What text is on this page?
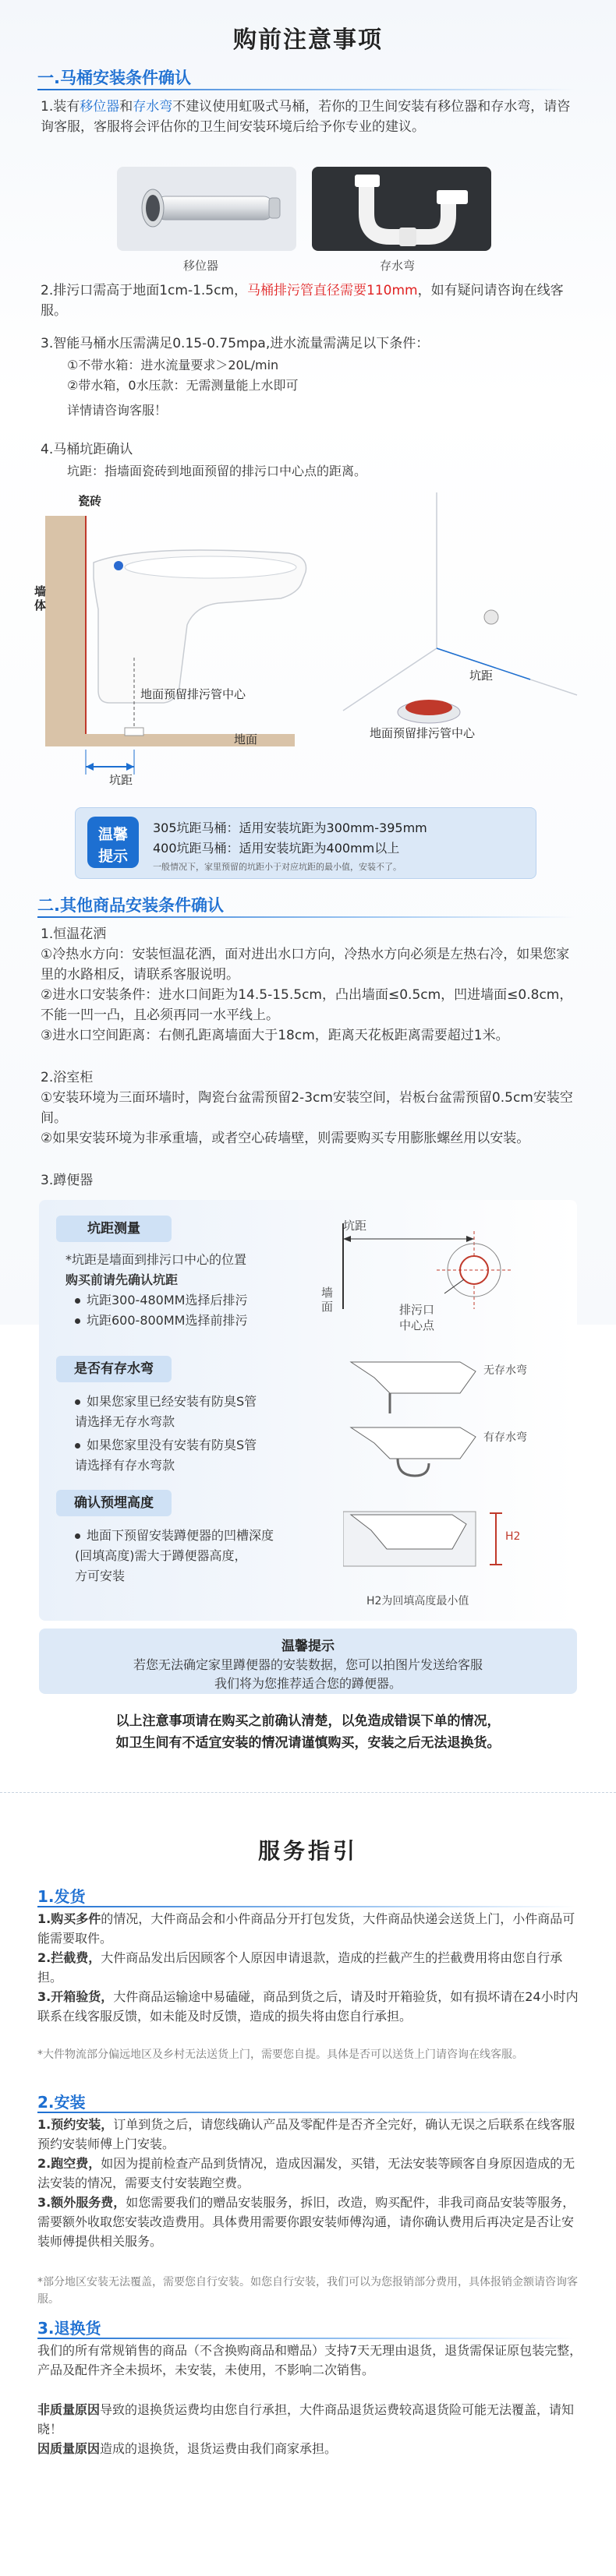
购前注意事项
一.马桶安装条件确认
1.装有移位器和存水弯不建议使用虹吸式马桶，若你的卫生间安装有移位器和存水弯，请咨询客服，客服将会评估你的卫生间安装环境后给予你专业的建议。
移位器	存水弯
2.排污口需高于地面1cm-1.5cm，马桶排污管直径需要110mm，如有疑问请咨询在线客服。
3.智能马桶水压需满足0.15-0.75mpa,进水流量需满足以下条件：
①不带水箱：进水流量要求＞20L/min
②带水箱，0水压款：无需测量能上水即可
详情请咨询客服！
4.马桶坑距确认
坑距：指墙面瓷砖到地面预留的排污口中心点的距离。
瓷砖
墙体
地面预留排污管中心
地面
坑距
坑距
地面预留排污管中心
温馨
提示
305坑距马桶：适用安装坑距为300mm-395mm
400坑距马桶：适用安装坑距为400mm以上
一般情况下，家里预留的坑距小于对应坑距的最小值，安装不了。
二.其他商品安装条件确认
1.恒温花洒
①冷热水方向：安装恒温花洒，面对进出水口方向，冷热水方向必须是左热右冷，如果您家里的水路相反，请联系客服说明。
②进水口安装条件：进水口间距为14.5-15.5cm，凸出墙面≤0.5cm，凹进墙面≤0.8cm，不能一凹一凸，且必须再同一水平线上。
③进水口空间距离：右侧孔距离墙面大于18cm，距离天花板距离需要超过1米。
2.浴室柜
①安装环境为三面环墙时，陶瓷台盆需预留2-3cm安装空间，岩板台盆需预留0.5cm安装空间。
②如果安装环境为非承重墙，或者空心砖墙壁，则需要购买专用膨胀螺丝用以安装。
3.蹲便器
坑距测量
*坑距是墙面到排污口中心的位置
购买前请先确认坑距
坑距300-480MM选择后排污
坑距600-800MM选择前排污
坑距
墙面	排污口
中心点
是否有存水弯
如果您家里已经安装有防臭S管
请选择无存水弯款
如果您家里没有安装有防臭S管
请选择有存水弯款
无存水弯
有存水弯
确认预埋高度
地面下预留安装蹲便器的凹槽深度
(回填高度)需大于蹲便器高度，
方可安装
H2
H2为回填高度最小值
温馨提示
若您无法确定家里蹲便器的安装数据，您可以拍图片发送给客服
我们将为您推荐适合您的蹲便器。
以上注意事项请在购买之前确认清楚，以免造成错误下单的情况，
如卫生间有不适宜安装的情况请谨慎购买，安装之后无法退换货。
服务指引
1.发货
1.购买多件的情况，大件商品会和小件商品分开打包发货，大件商品快递会送货上门，小件商品可能需要取件。
2.拦截费，大件商品发出后因顾客个人原因申请退款，造成的拦截产生的拦截费用将由您自行承担。
3.开箱验货，大件商品运输途中易磕碰，商品到货之后，请及时开箱验货，如有损坏请在24小时内联系在线客服反馈，如未能及时反馈，造成的损失将由您自行承担。
*大件物流部分偏远地区及乡村无法送货上门，需要您自提。具体是否可以送货上门请咨询在线客服。
2.安装
1.预约安装，订单到货之后，请您线确认产品及零配件是否齐全完好，确认无误之后联系在线客服预约安装师傅上门安装。
2.跑空费，如因为提前检查产品到货情况，造成因漏发，买错，无法安装等顾客自身原因造成的无法安装的情况，需要支付安装跑空费。
3.额外服务费，如您需要我们的赠品安装服务，拆旧，改造，购买配件，非我司商品安装等服务，需要额外收取您安装改造费用。具体费用需要你跟安装师傅沟通，请你确认费用后再决定是否让安装师傅提供相关服务。
*部分地区安装无法覆盖，需要您自行安装。如您自行安装，我们可以为您报销部分费用，具体报销金额请咨询客服。
3.退换货
我们的所有常规销售的商品（不含换购商品和赠品）支持7天无理由退货，退货需保证原包装完整，产品及配件齐全未损坏，未安装，未使用，不影响二次销售。
非质量原因导致的退换货运费均由您自行承担，大件商品退货运费较高退货险可能无法覆盖，请知晓！
因质量原因造成的退换货，退货运费由我们商家承担。
